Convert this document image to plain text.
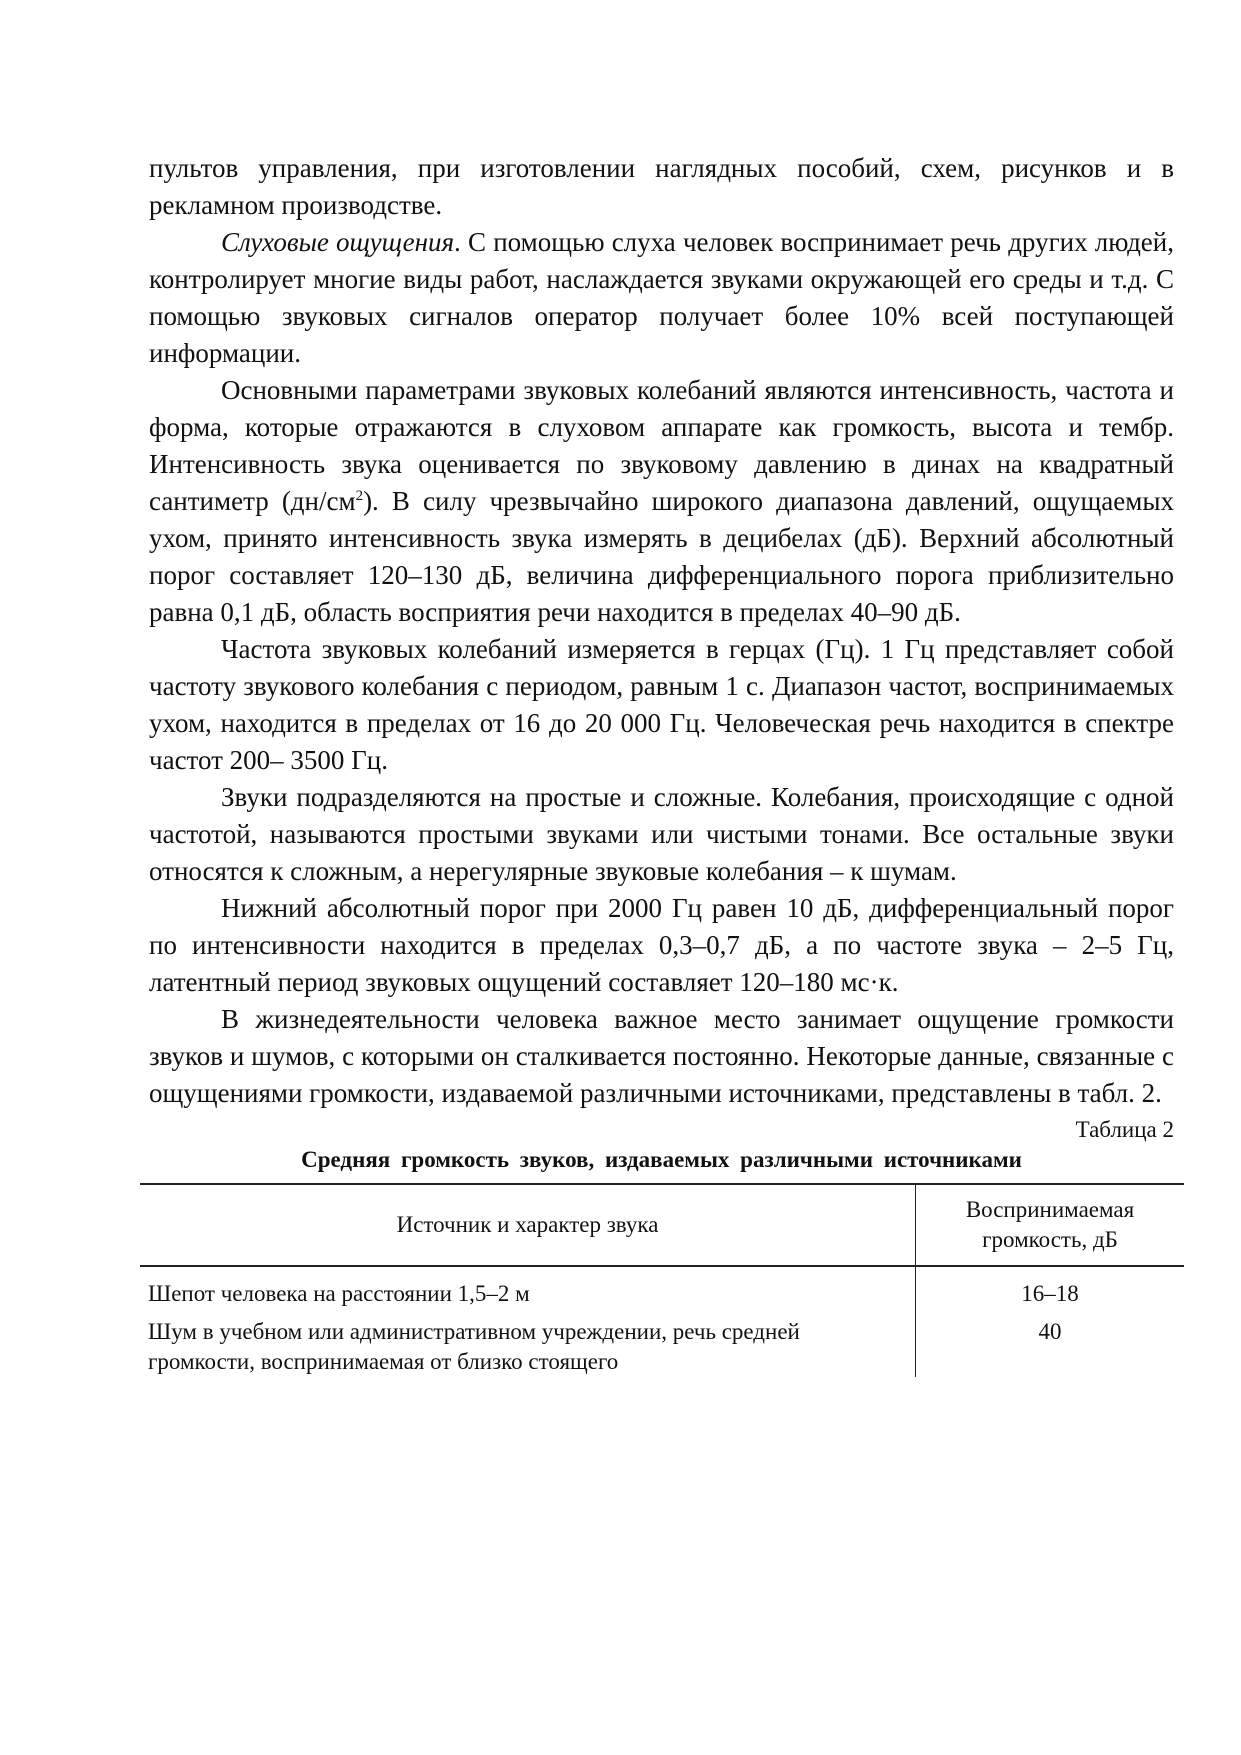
пультов управления, при изготовлении наглядных пособий, схем, рисунков и в рекламном производстве.

Слуховые ощущения. С помощью слуха человек воспринимает речь других людей, контролирует многие виды работ, наслаждается звуками окружающей его среды и т.д. С помощью звуковых сигналов оператор получает более 10% всей поступающей информации.

Основными параметрами звуковых колебаний являются интенсивность, частота и форма, которые отражаются в слуховом аппарате как громкость, высота и тембр. Интенсивность звука оценивается по звуковому давлению в динах на квадратный сантиметр $(дн/см^2)$. В силу чрезвычайно широкого диапазона давлений, ощущаемых ухом, принято интенсивность звука измерять в децибелах (дБ). Верхний абсолютный порог составляет 120–130 дБ, величина дифференциального порога приблизительно равна 0,1 дБ, область восприятия речи находится в пределах 40–90 дБ.

Частота звуковых колебаний измеряется в герцах (Гц). 1 Гц представляет собой частоту звукового колебания с периодом, равным 1 с. Диапазон частот, воспринимаемых ухом, находится в пределах от 16 до 20 000 Гц. Человеческая речь находится в спектре частот 200– 3500 Гц.

Звуки подразделяются на простые и сложные. Колебания, происходящие с одной частотой, называются простыми звуками или чистыми тонами. Все остальные звуки относятся к сложным, а нерегулярные звуковые колебания – к шумам.

Нижний абсолютный порог при 2000 Гц равен 10 дБ, дифференциальный порог по интенсивности находится в пределах 0,3–0,7 дБ, а по частоте звука – 2–5 Гц, латентный период звуковых ощущений составляет 120–180 мс·к.

В жизнедеятельности человека важное место занимает ощущение громкости звуков и шумов, с которыми он сталкивается постоянно. Некоторые данные, связанные с ощущениями громкости, издаваемой различными источниками, представлены в табл. 2.

Таблица 2
Средняя громкость звуков, издаваемых различными источниками
Источник и характер звука	Воспринимаемая
громкость, дБ
Шепот человека на расстоянии 1,5–2 м	16–18
Шум в учебном или административном учреждении, речь средней громкости, воспринимаемая от близко стоящего	40
